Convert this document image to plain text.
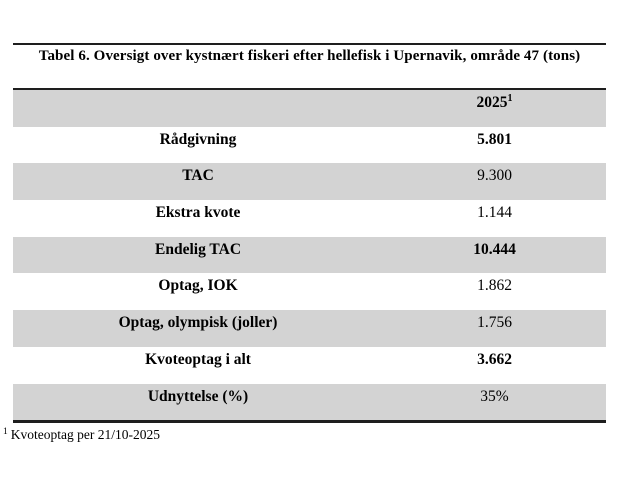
Tabel 6. Oversigt over kystnært fiskeri efter hellefisk i Upernavik, område 47 (tons)
2025$^1$
Rådgivning	5.801
TAC	9.300
Ekstra kvote	1.144
Endelig TAC	10.444
Optag, IOK	1.862
Optag, olympisk (joller)	1.756
Kvoteoptag i alt	3.662
Udnyttelse (%)	35%
$^1$ Kvoteoptag per 21/10-2025
